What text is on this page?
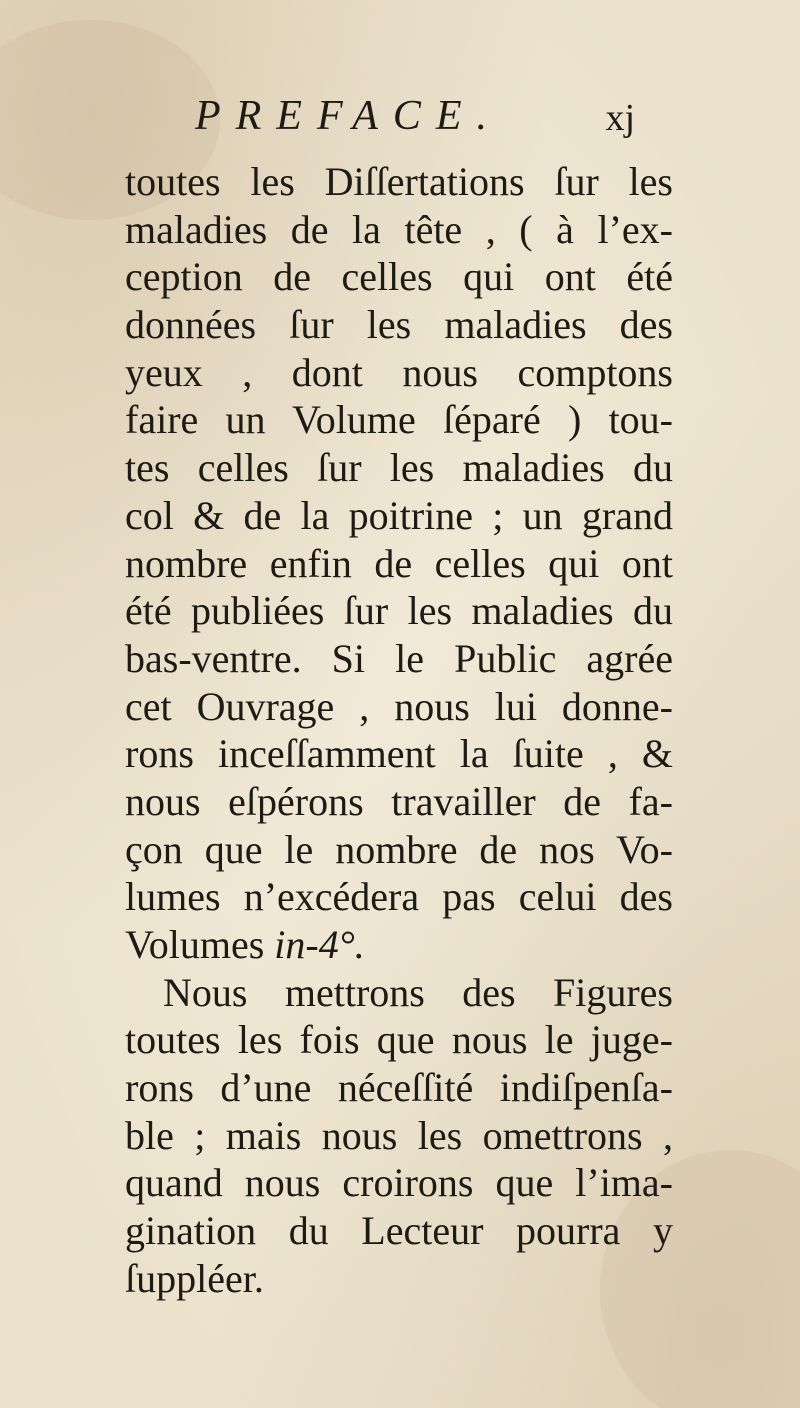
PREFACE.	xj
toutes les Diſſertations ſur les
maladies de la tête , ( à l’ex-
ception de celles qui ont été
données ſur les maladies des
yeux , dont nous comptons
faire un Volume ſéparé ) tou-
tes celles ſur les maladies du
col & de la poitrine ; un grand
nombre enfin de celles qui ont
été publiées ſur les maladies du
bas-ventre. Si le Public agrée
cet Ouvrage , nous lui donne-
rons inceſſamment la ſuite , &
nous eſpérons travailler de fa-
çon que le nombre de nos Vo-
lumes n’excédera pas celui des
Volumes in-4°.
Nous mettrons des Figures
toutes les fois que nous le juge-
rons d’une néceſſité indiſpenſa-
ble ; mais nous les omettrons ,
quand nous croirons que l’ima-
gination du Lecteur pourra y
ſuppléer.
